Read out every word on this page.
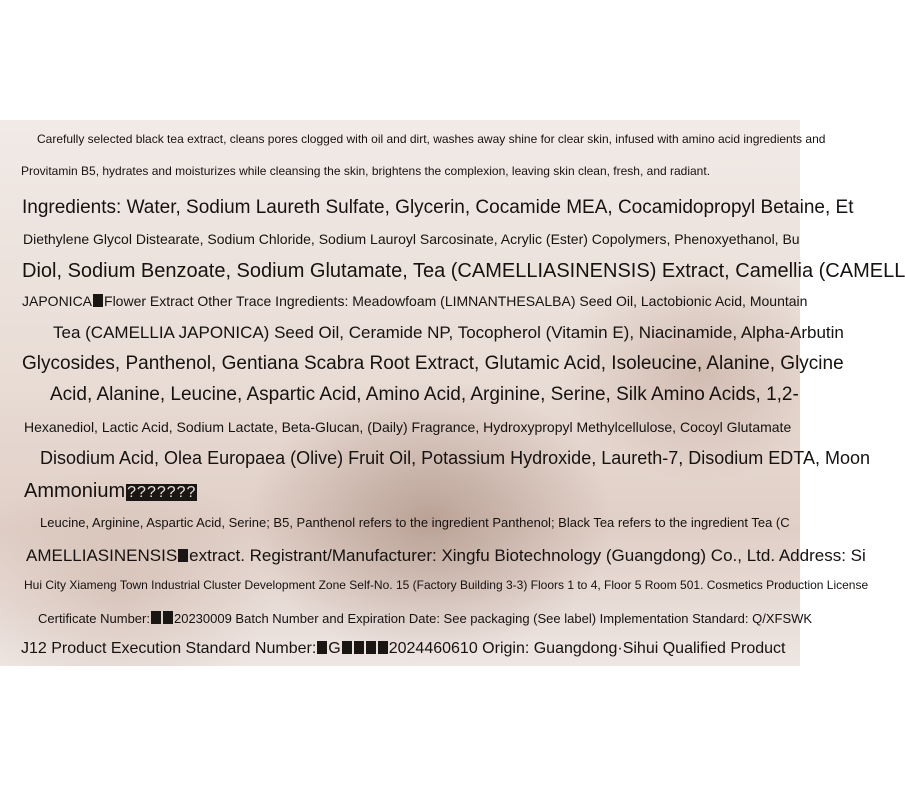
Carefully selected black tea extract, cleans pores clogged with oil and dirt, washes away shine for clear skin, infused with amino acid ingredients and
Provitamin B5, hydrates and moisturizes while cleansing the skin, brightens the complexion, leaving skin clean, fresh, and radiant.
Ingredients: Water, Sodium Laureth Sulfate, Glycerin, Cocamide MEA, Cocamidopropyl Betaine, Et
Diethylene Glycol Distearate, Sodium Chloride, Sodium Lauroyl Sarcosinate, Acrylic (Ester) Copolymers, Phenoxyethanol, Bu
Diol, Sodium Benzoate, Sodium Glutamate, Tea (CAMELLIASINENSIS) Extract, Camellia (CAMELL
JAPONICA Flower Extract Other Trace Ingredients: Meadowfoam (LIMNANTHESALBA) Seed Oil, Lactobionic Acid, Mountain
Tea (CAMELLIA JAPONICA) Seed Oil, Ceramide NP, Tocopherol (Vitamin E), Niacinamide, Alpha-Arbutin
Glycosides, Panthenol, Gentiana Scabra Root Extract, Glutamic Acid, Isoleucine, Alanine, Glycine
Acid, Alanine, Leucine, Aspartic Acid, Amino Acid, Arginine, Serine, Silk Amino Acids, 1,2-
Hexanediol, Lactic Acid, Sodium Lactate, Beta-Glucan, (Daily) Fragrance, Hydroxypropyl Methylcellulose, Cocoyl Glutamate
Disodium Acid, Olea Europaea (Olive) Fruit Oil, Potassium Hydroxide, Laureth-7, Disodium EDTA, Moon
Ammonium ???????
Leucine, Arginine, Aspartic Acid, Serine; B5, Panthenol refers to the ingredient Panthenol; Black Tea refers to the ingredient Tea (C
AMELLIASINENSIS extract. Registrant/Manufacturer: Xingfu Biotechnology (Guangdong) Co., Ltd. Address: Si
Hui City Xiameng Town Industrial Cluster Development Zone Self-No. 15 (Factory Building 3-3) Floors 1 to 4, Floor 5 Room 501. Cosmetics Production License
Certificate Number: 20230009 Batch Number and Expiration Date: See packaging (See label) Implementation Standard: Q/XFSWK
J12 Product Execution Standard Number: G	2024460610 Origin: Guangdong·Sihui Qualified Product
